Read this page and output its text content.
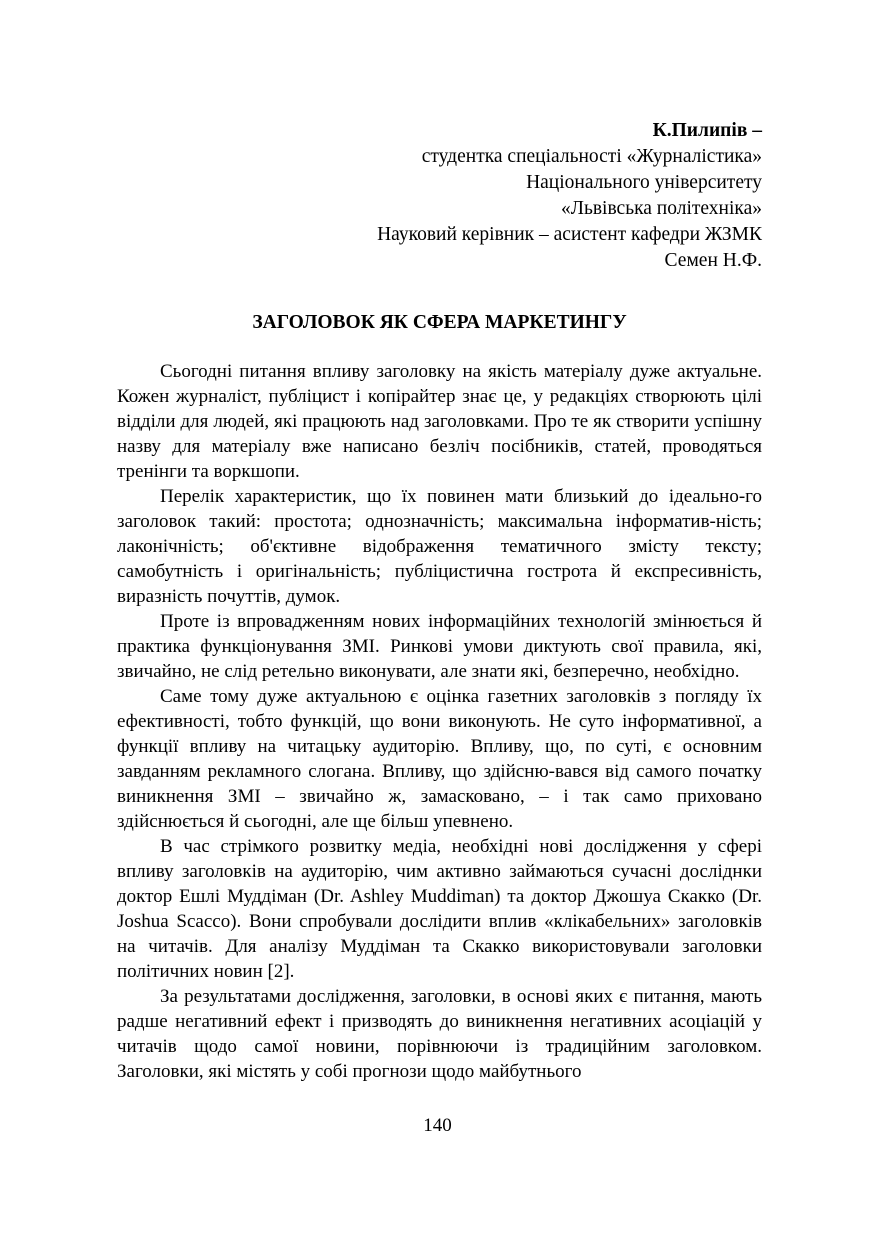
К.Пилипів –
студентка спеціальності «Журналістика»
Національного університету
«Львівська політехніка»
Науковий керівник – асистент кафедри ЖЗМК
Семен Н.Ф.
ЗАГОЛОВОК ЯК СФЕРА МАРКЕТИНГУ

Сьогодні питання впливу заголовку на якість матеріалу дуже актуальне. Кожен журналіст, публіцист і копірайтер знає це, у редакціях створюють цілі відділи для людей, які працюють над заголовками. Про те як створити успішну назву для матеріалу вже написано безліч посібників, статей, проводяться тренінги та воркшопи.

Перелік характеристик, що їх повинен мати близький до ідеально-го заголовок такий: простота; однозначність; максимальна інформатив-ність; лаконічність; об'єктивне відображення тематичного змісту тексту; самобутність і оригінальність; публіцистична гострота й експресивність, виразність почуттів, думок.

Проте із впровадженням нових інформаційних технологій змінюється й практика функціонування ЗМІ. Ринкові умови диктують свої правила, які, звичайно, не слід ретельно виконувати, але знати які, безперечно, необхідно.

Саме тому дуже актуальною є оцінка газетних заголовків з погляду їх ефективності, тобто функцій, що вони виконують. Не суто інформативної, а функції впливу на читацьку аудиторію. Впливу, що, по суті, є основним завданням рекламного слогана. Впливу, що здійсню-вався від самого початку виникнення ЗМІ – звичайно ж, замасковано, – і так само приховано здійснюється й сьогодні, але ще більш упевнено.

В час стрімкого розвитку медіа, необхідні нові дослідження у сфері впливу заголовків на аудиторію, чим активно займаються сучасні досліднки доктор Ешлі Муддіман (Dr. Ashley Muddiman) та доктор Джошуа Скакко (Dr. Joshua Scacco). Вони спробували дослідити вплив «клікабельних» заголовків на читачів. Для аналізу Муддіман та Скакко використовували заголовки політичних новин [2].

За результатами дослідження, заголовки, в основі яких є питання, мають радше негативний ефект і призводять до виникнення негативних асоціацій у читачів щодо самої новини, порівнюючи із традиційним заголовком. Заголовки, які містять у собі прогнози щодо майбутнього

140
